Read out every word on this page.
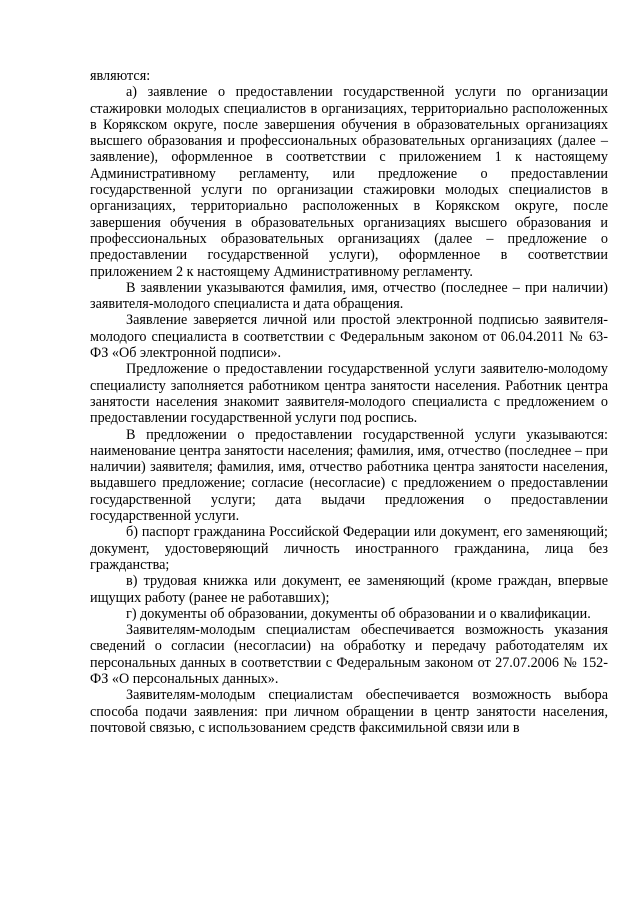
являются:

а) заявление о предоставлении государственной услуги по организации стажировки молодых специалистов в организациях, территориально расположенных в Корякском округе, после завершения обучения в образовательных организациях высшего образования и профессиональных образовательных организациях (далее – заявление), оформленное в соответствии с приложением 1 к настоящему Административному регламенту, или предложение о предоставлении государственной услуги по организации стажировки молодых специалистов в организациях, территориально расположенных в Корякском округе, после завершения обучения в образовательных организациях высшего образования и профессиональных образовательных организациях (далее – предложение о предоставлении государственной услуги), оформленное в соответствии приложением 2 к настоящему Административному регламенту.

В заявлении указываются фамилия, имя, отчество (последнее – при наличии) заявителя-молодого специалиста и дата обращения.

Заявление заверяется личной или простой электронной подписью заявителя-молодого специалиста в соответствии с Федеральным законом от 06.04.2011 № 63-ФЗ «Об электронной подписи».

Предложение о предоставлении государственной услуги заявителю-молодому специалисту заполняется работником центра занятости населения. Работник центра занятости населения знакомит заявителя-молодого специалиста с предложением о предоставлении государственной услуги под роспись.

В предложении о предоставлении государственной услуги указываются: наименование центра занятости населения; фамилия, имя, отчество (последнее – при наличии) заявителя; фамилия, имя, отчество работника центра занятости населения, выдавшего предложение; согласие (несогласие) с предложением о предоставлении государственной услуги; дата выдачи предложения о предоставлении государственной услуги.

б) паспорт гражданина Российской Федерации или документ, его заменяющий; документ, удостоверяющий личность иностранного гражданина, лица без гражданства;

в) трудовая книжка или документ, ее заменяющий (кроме граждан, впервые ищущих работу (ранее не работавших);

г) документы об образовании, документы об образовании и о квалификации.

Заявителям-молодым специалистам обеспечивается возможность указания сведений о согласии (несогласии) на обработку и передачу работодателям их персональных данных в соответствии с Федеральным законом от 27.07.2006 № 152-ФЗ «О персональных данных».

Заявителям-молодым специалистам обеспечивается возможность выбора способа подачи заявления: при личном обращении в центр занятости населения, почтовой связью, с использованием средств факсимильной связи или в
